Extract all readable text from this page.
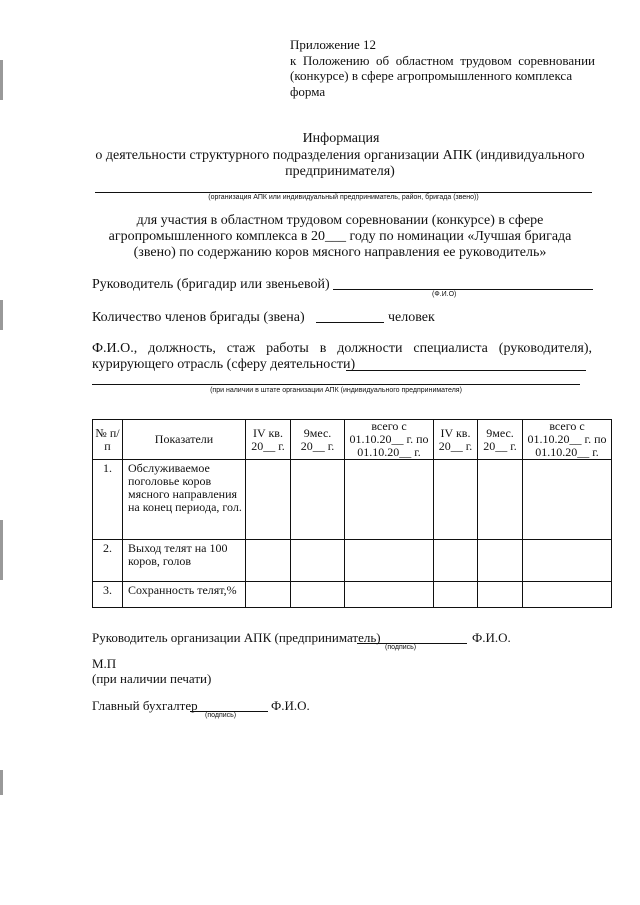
Приложение 12
к Положению об областном трудовом соревновании
(конкурсе) в сфере агропромышленного комплекса
форма
Информация
о деятельности структурного подразделения организации АПК (индивидуального
предпринимателя)
(организация АПК или индивидуальный предприниматель, район, бригада (звено))
для участия в областном трудовом соревновании (конкурсе) в сфере
агропромышленного комплекса в 20___ году по номинации «Лучшая бригада
(звено) по содержанию коров мясного направления ее руководитель»
Руководитель (бригадир или звеньевой)
(Ф.И.О)
Количество членов бригады (звена)	человек
Ф.И.О., должность, стаж работы в должности специалиста (руководителя),
курирующего отрасль (сферу деятельности)
(при наличии в штате организации АПК (индивидуального предпринимателя)
№ п/п	Показатели	IV кв. 20__ г.	9мес. 20__ г.	всего с 01.10.20__ г. по 01.10.20__ г.	IV кв. 20__ г.	9мес. 20__ г.	всего с 01.10.20__ г. по 01.10.20__ г.
1.	Обслуживаемое поголовье коров мясного направления на конец периода, гол.						
2.	Выход телят на 100 коров, голов						
3.	Сохранность телят,%						
Руководитель организации АПК (предприниматель)
(подпись)
Ф.И.О.
М.П
(при наличии печати)
Главный бухгалтер
(подпись)
Ф.И.О.
